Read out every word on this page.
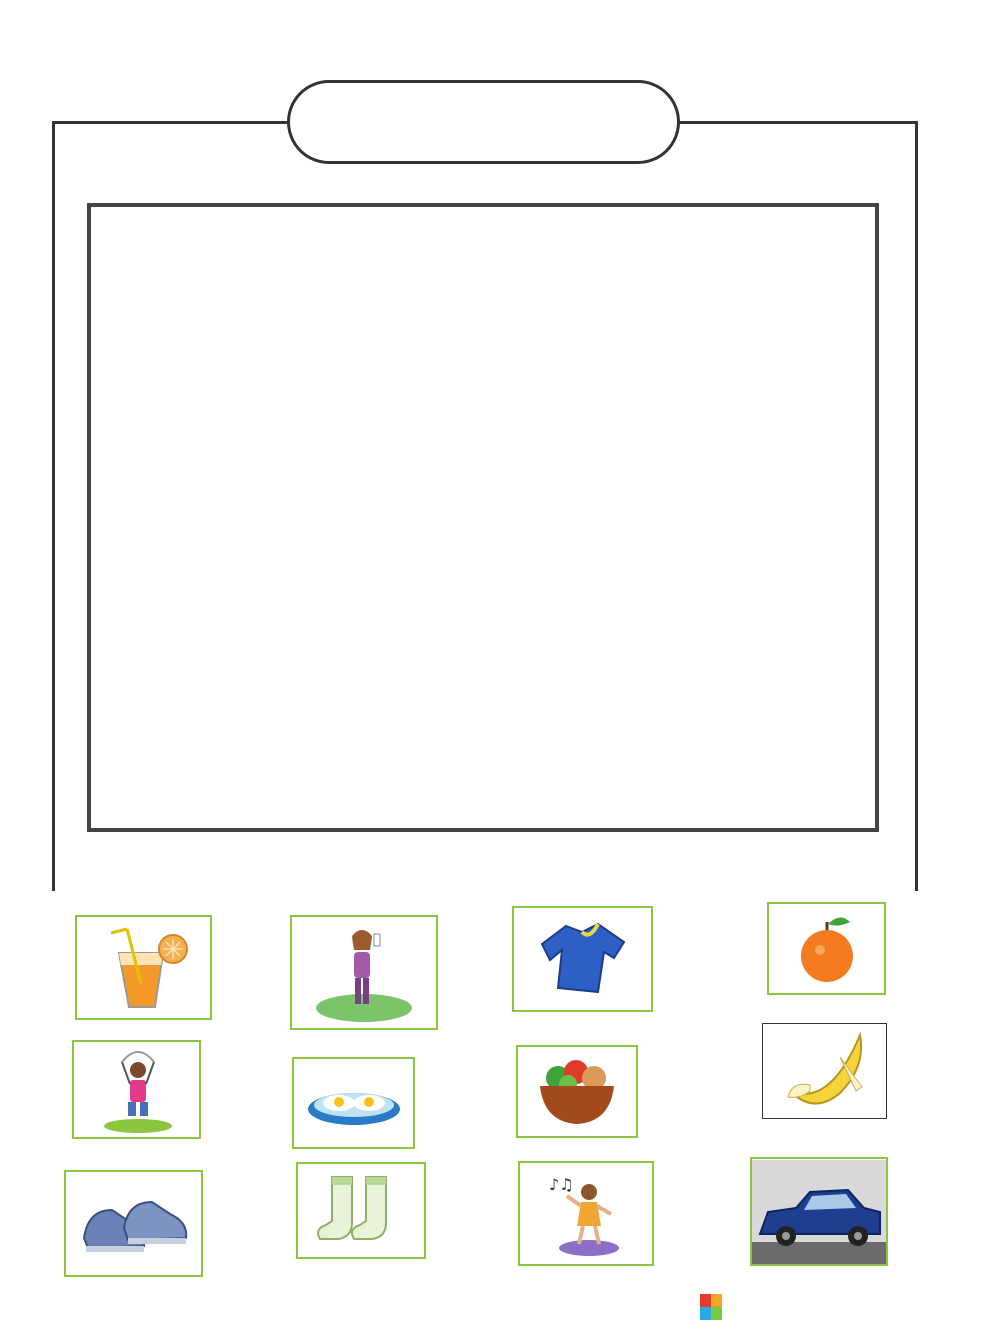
♪♫
